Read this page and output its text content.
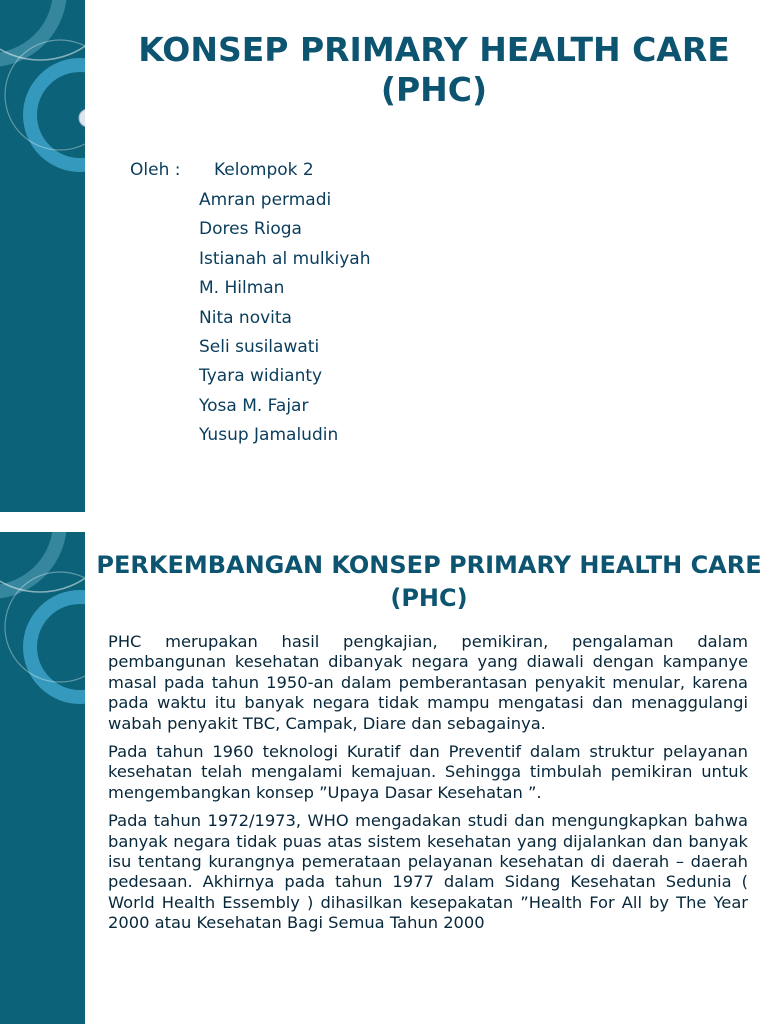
KONSEP PRIMARY HEALTH CARE (PHC)
Oleh :	Kelompok 2
Amran permadi
Dores Rioga
Istianah al mulkiyah
M. Hilman
Nita novita
Seli susilawati
Tyara widianty
Yosa M. Fajar
Yusup Jamaludin
PERKEMBANGAN KONSEP PRIMARY HEALTH CARE (PHC)

PHC merupakan hasil pengkajian, pemikiran, pengalaman dalam pembangunan kesehatan dibanyak negara yang diawali dengan kampanye masal pada tahun 1950-an dalam pemberantasan penyakit menular, karena pada waktu itu banyak negara tidak mampu mengatasi dan menaggulangi wabah penyakit TBC, Campak, Diare dan sebagainya.

Pada tahun 1960 teknologi Kuratif dan Preventif dalam struktur pelayanan kesehatan telah mengalami kemajuan. Sehingga timbulah pemikiran untuk mengembangkan konsep ”Upaya Dasar Kesehatan ”.

Pada tahun 1972/1973, WHO mengadakan studi dan mengungkapkan bahwa banyak negara tidak puas atas sistem kesehatan yang dijalankan dan banyak isu tentang kurangnya pemerataan pelayanan kesehatan di daerah – daerah pedesaan. Akhirnya pada tahun 1977 dalam Sidang Kesehatan Sedunia ( World Health Essembly ) dihasilkan kesepakatan ”Health For All by The Year 2000 atau Kesehatan Bagi Semua Tahun 2000
